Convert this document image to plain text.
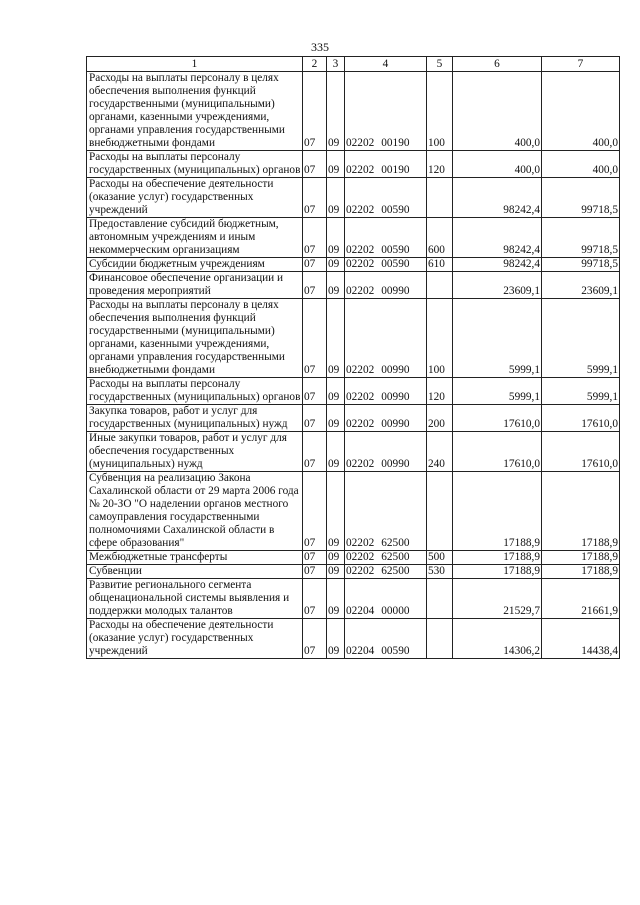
335
1	2	3	4	5	6	7
Расходы на выплаты персоналу в целях обеспечения выполнения функций государственными (муниципальными) органами, казенными учреждениями, органами управления государственными внебюджетными фондами	07	09	02202 00190	100	400,0	400,0
Расходы на выплаты персоналу государственных (муниципальных) органов	07	09	02202 00190	120	400,0	400,0
Расходы на обеспечение деятельности (оказание услуг) государственных учреждений	07	09	02202 00590		98242,4	99718,5
Предоставление субсидий бюджетным, автономным учреждениям и иным некоммерческим организациям	07	09	02202 00590	600	98242,4	99718,5
Субсидии бюджетным учреждениям	07	09	02202 00590	610	98242,4	99718,5
Финансовое обеспечение организации и проведения мероприятий	07	09	02202 00990		23609,1	23609,1
Расходы на выплаты персоналу в целях обеспечения выполнения функций государственными (муниципальными) органами, казенными учреждениями, органами управления государственными внебюджетными фондами	07	09	02202 00990	100	5999,1	5999,1
Расходы на выплаты персоналу государственных (муниципальных) органов	07	09	02202 00990	120	5999,1	5999,1
Закупка товаров, работ и услуг для государственных (муниципальных) нужд	07	09	02202 00990	200	17610,0	17610,0
Иные закупки товаров, работ и услуг для обеспечения государственных (муниципальных) нужд	07	09	02202 00990	240	17610,0	17610,0
Субвенция на реализацию Закона Сахалинской области от 29 марта 2006 года № 20-ЗО "О наделении органов местного самоуправления государственными полномочиями Сахалинской области в сфере образования"	07	09	02202 62500		17188,9	17188,9
Межбюджетные трансферты	07	09	02202 62500	500	17188,9	17188,9
Субвенции	07	09	02202 62500	530	17188,9	17188,9
Развитие регионального сегмента общенациональной системы выявления и поддержки молодых талантов	07	09	02204 00000		21529,7	21661,9
Расходы на обеспечение деятельности (оказание услуг) государственных учреждений	07	09	02204 00590		14306,2	14438,4
